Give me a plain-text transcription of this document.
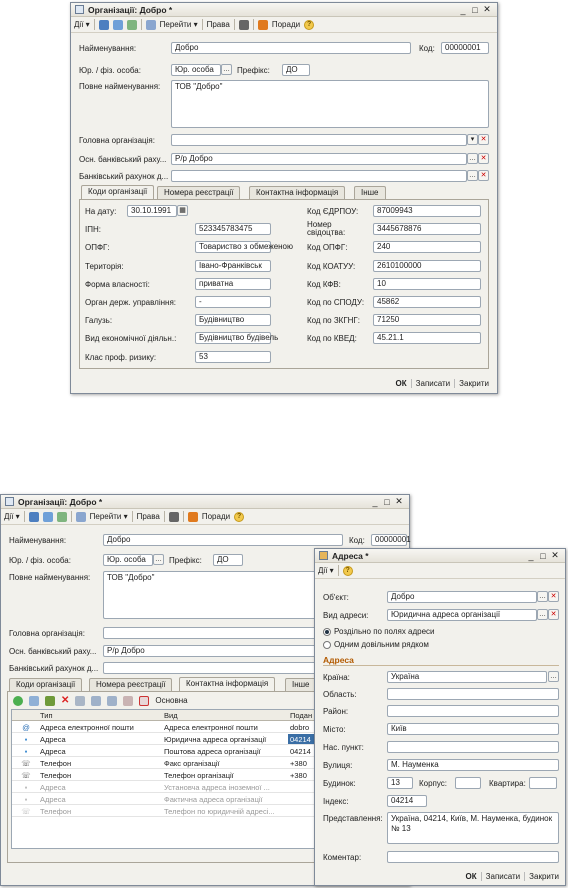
Організації: Добро *	_ □ ✕
Дії ▾	Перейти ▾ Права	Поради ?
Найменування:	Добро	Код:	00000001
Юр. / фіз. особа:	Юр. особа	… Префікс:	ДО
Повне найменування:	ТОВ "Добро"
Головна організація:	▾ ✕
Осн. банківський раху...	Р/р Добро	… ✕
Банківський рахунок д...	… ✕
Коди організації	Номера реєстрації	Контактна інформація	Інше
ОК	Записати	Закрити
На дату:	30.10.1991	▦
ІПН:	523345783475
ОПФГ:	Товариство з обмеженою
Територія:	Івано-Франківськ
Форма власності:	приватна
Орган держ. управління:	-
Галузь:	Будівництво
Вид економічної діяльн.:	Будівництво будівель
Клас проф. ризику:	53
Код ЄДРПОУ:	87009943
Номер свідоцтва:	3445678876
Код ОПФГ:	240
Код КОАТУУ:	2610100000
Код КФВ:	10
Код по СПОДУ:	45862
Код по ЗКГНГ:	71250
Код по КВЕД:	45.21.1
Організації: Добро *	_ □ ✕
Дії ▾	Перейти ▾ Права	Поради ?
Найменування:	Добро	Код:	00000001
Юр. / фіз. особа:	Юр. особа	… Префікс:	ДО
Повне найменування:	ТОВ "Добро"
Головна організація:
Осн. банківський раху...	Р/р Добро
Банківський рахунок д...
Коди організації	Номера реєстрації	Контактна інформація	Інше
✕	Основна
Тип	Вид	Подан
@	Адреса електронної пошти	Адреса електронної пошти	dobro
▪	Адреса	Юридична адреса організації	04214
▪	Адреса	Поштова адреса організації	04214
☏	Телефон	Факс організації	+380
☏	Телефон	Телефон організації	+380
▪	Адреса	Установча адреса іноземної ...
▪	Адреса	Фактична адреса організації
☏	Телефон	Телефон по юридичній адресі...
Адреса *	_ □ ✕
Дії ▾	?
Об'єкт:	Добро	… ✕
Вид адреси:	Юридична адреса організації	… ✕
Роздільно по полях адреси
Одним довільним рядком
Адреса
Країна:	Україна	…
Область:
Район:
Місто:	Київ
Нас. пункт:
Вулиця:	М. Науменка
Будинок:	13	Корпус:	Квартира:
Індекс:	04214
Представлення:	Україна, 04214, Київ, М. Науменка, будинок № 13
Коментар:
ОК	Записати	Закрити
